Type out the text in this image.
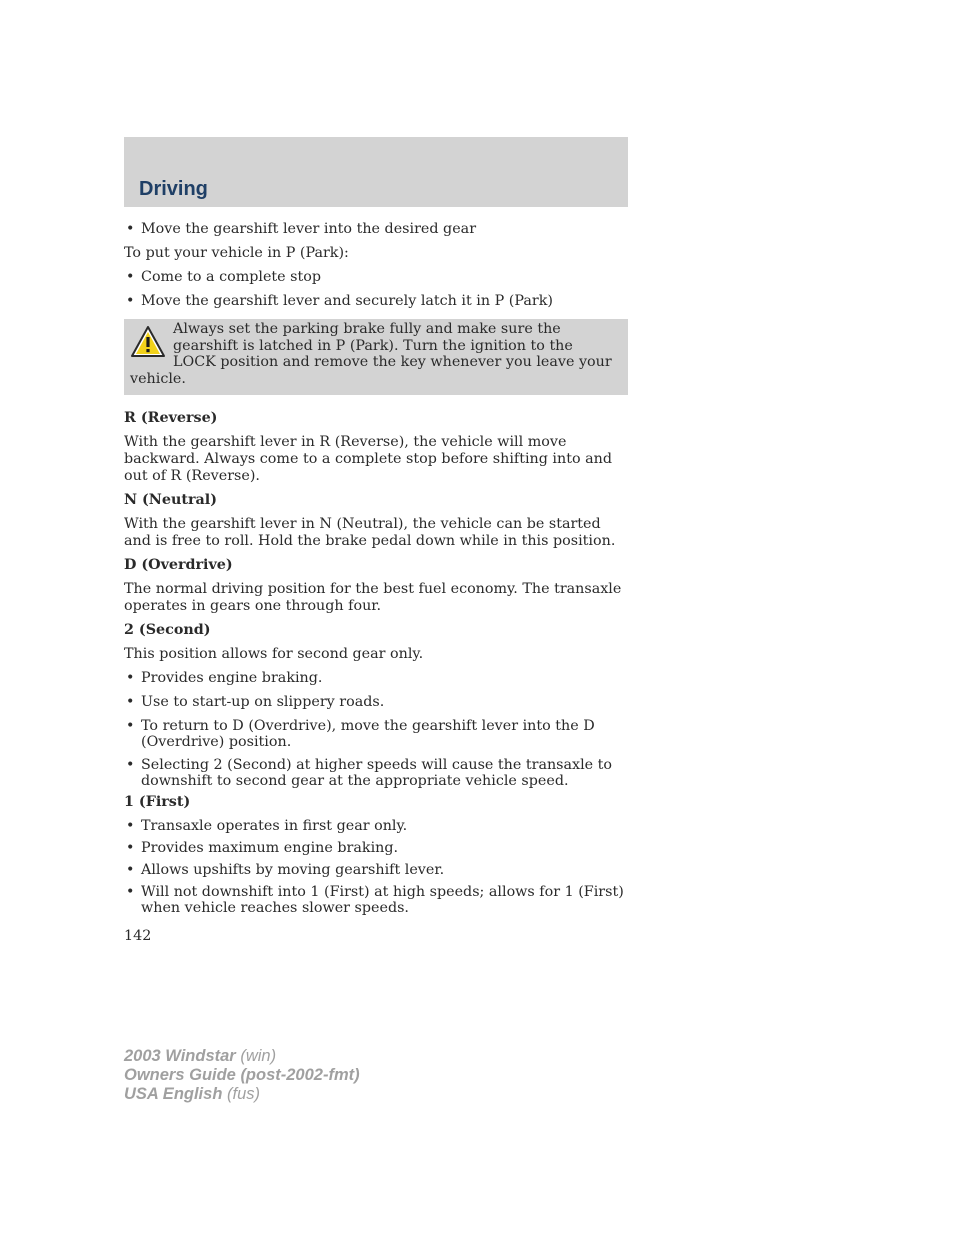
Driving
• Move the gearshift lever into the desired gear

To put your vehicle in P (Park):

• Come to a complete stop
• Move the gearshift lever and securely latch it in P (Park)
Always set the parking brake fully and make sure the gearshift is latched in P (Park). Turn the ignition to the LOCK position and remove the key whenever you leave your vehicle.

R (Reverse)

With the gearshift lever in R (Reverse), the vehicle will move backward. Always come to a complete stop before shifting into and out of R (Reverse).

N (Neutral)

With the gearshift lever in N (Neutral), the vehicle can be started and is free to roll. Hold the brake pedal down while in this position.

D (Overdrive)

The normal driving position for the best fuel economy. The transaxle operates in gears one through four.

2 (Second)

This position allows for second gear only.

• Provides engine braking.
• Use to start-up on slippery roads.
• To return to D (Overdrive), move the gearshift lever into the D (Overdrive) position.
• Selecting 2 (Second) at higher speeds will cause the transaxle to downshift to second gear at the appropriate vehicle speed.

1 (First)

• Transaxle operates in first gear only.
• Provides maximum engine braking.
• Allows upshifts by moving gearshift lever.
• Will not downshift into 1 (First) at high speeds; allows for 1 (First) when vehicle reaches slower speeds.
142
2003 Windstar (win)
Owners Guide (post-2002-fmt)
USA English (fus)
